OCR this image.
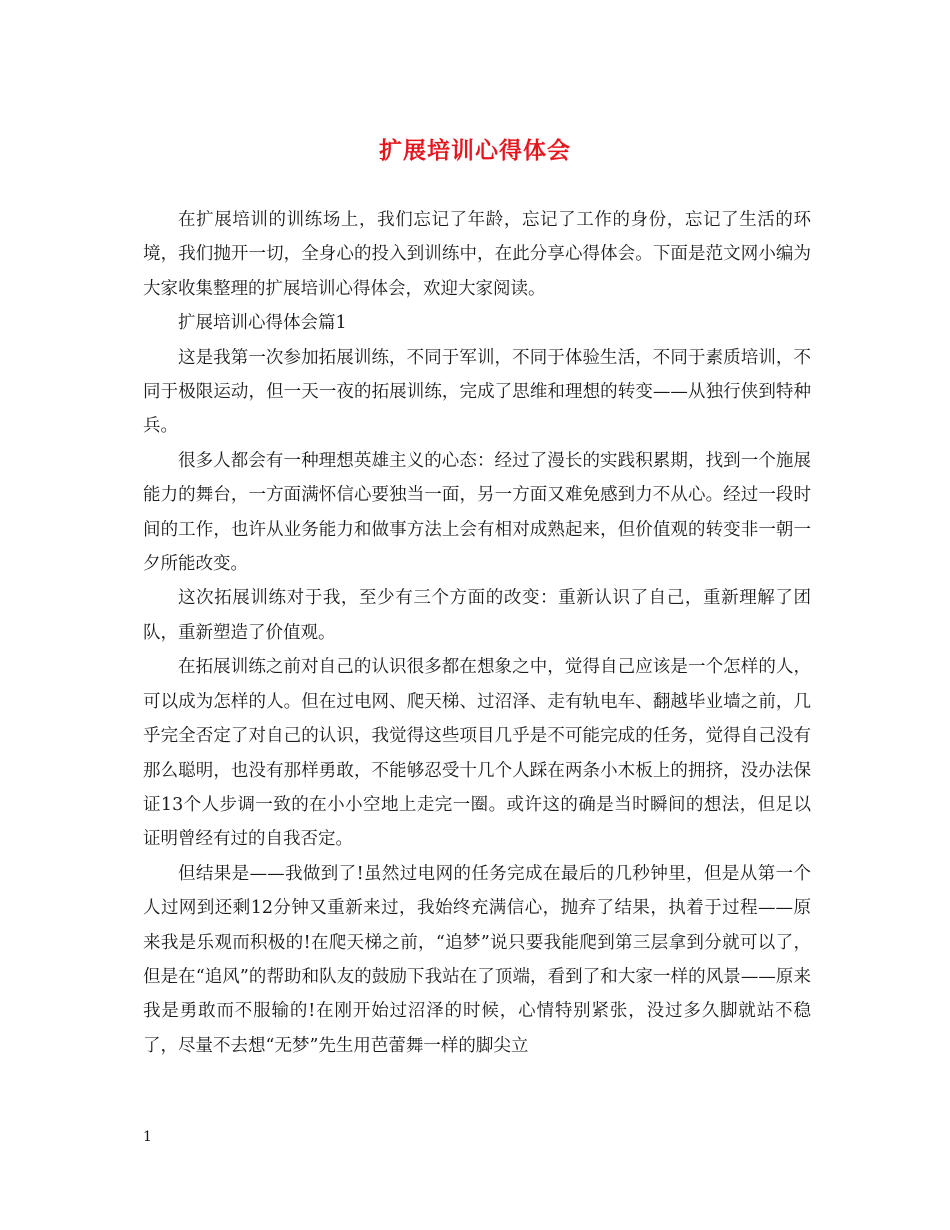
扩展培训心得体会

在扩展培训的训练场上，我们忘记了年龄，忘记了工作的身份，忘记了生活的环境，我们抛开一切，全身心的投入到训练中，在此分享心得体会。下面是范文网小编为大家收集整理的扩展培训心得体会，欢迎大家阅读。

扩展培训心得体会篇1

这是我第一次参加拓展训练，不同于军训，不同于体验生活，不同于素质培训，不同于极限运动，但一天一夜的拓展训练，完成了思维和理想的转变——从独行侠到特种兵。

很多人都会有一种理想英雄主义的心态：经过了漫长的实践积累期，找到一个施展能力的舞台，一方面满怀信心要独当一面，另一方面又难免感到力不从心。经过一段时间的工作，也许从业务能力和做事方法上会有相对成熟起来，但价值观的转变非一朝一夕所能改变。

这次拓展训练对于我，至少有三个方面的改变：重新认识了自己，重新理解了团队，重新塑造了价值观。

在拓展训练之前对自己的认识很多都在想象之中，觉得自己应该是一个怎样的人，可以成为怎样的人。但在过电网、爬天梯、过沼泽、走有轨电车、翻越毕业墙之前，几乎完全否定了对自己的认识，我觉得这些项目几乎是不可能完成的任务，觉得自己没有那么聪明，也没有那样勇敢，不能够忍受十几个人踩在两条小木板上的拥挤，没办法保证13个人步调一致的在小小空地上走完一圈。或许这的确是当时瞬间的想法，但足以证明曾经有过的自我否定。

但结果是——我做到了!虽然过电网的任务完成在最后的几秒钟里，但是从第一个人过网到还剩12分钟又重新来过，我始终充满信心，抛弃了结果，执着于过程——原来我是乐观而积极的!在爬天梯之前，“追梦”说只要我能爬到第三层拿到分就可以了，但是在“追风”的帮助和队友的鼓励下我站在了顶端，看到了和大家一样的风景——原来我是勇敢而不服输的!在刚开始过沼泽的时候，心情特别紧张，没过多久脚就站不稳了，尽量不去想“无梦”先生用芭蕾舞一样的脚尖立

1
